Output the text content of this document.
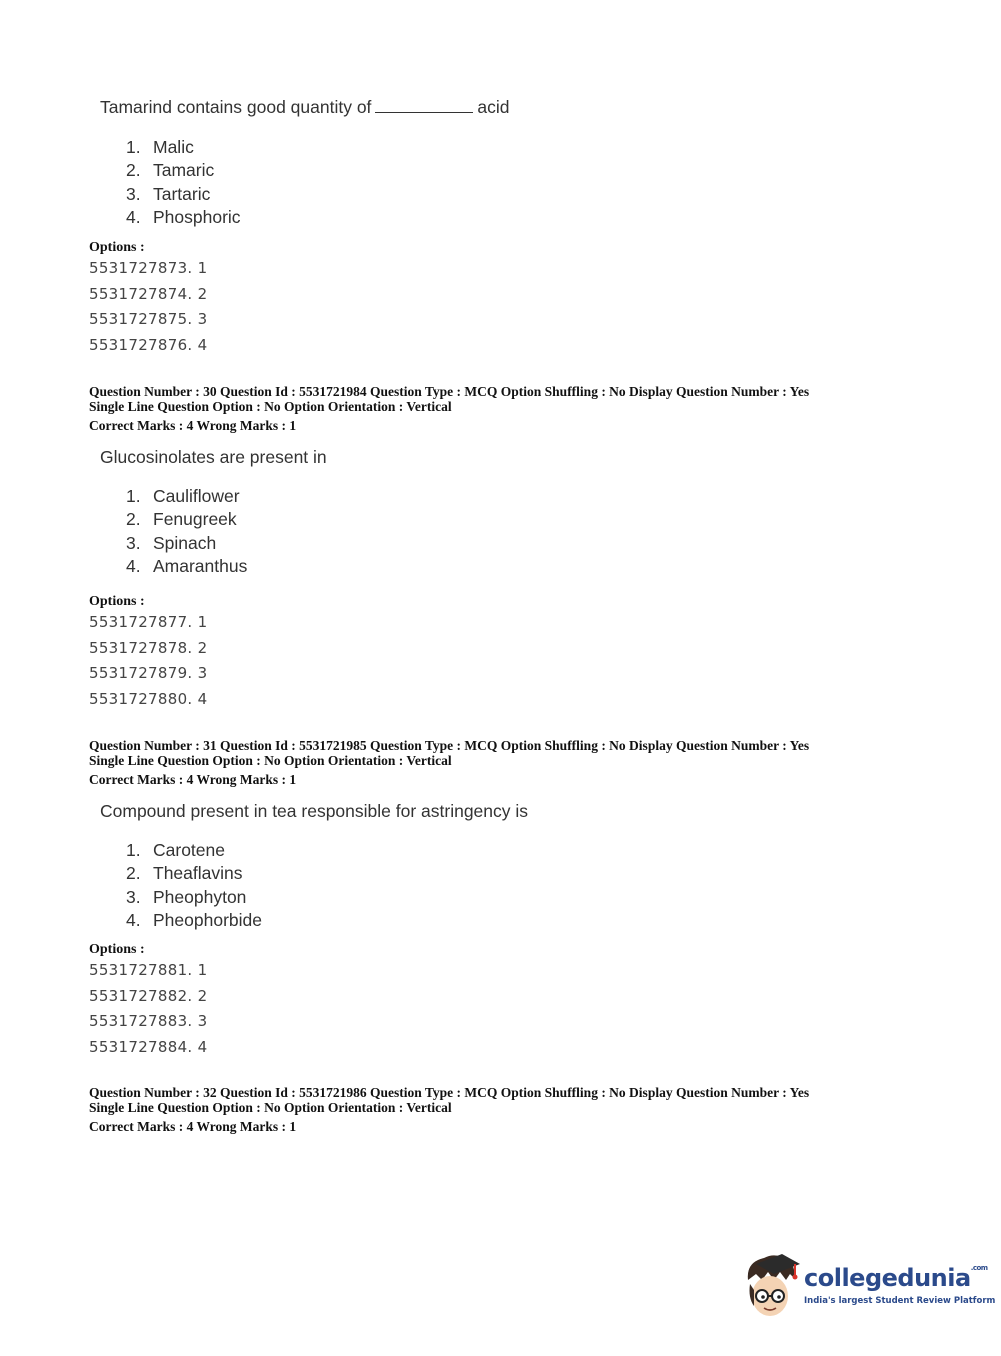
Tamarind contains good quantity of	acid
1. Malic
2. Tamaric
3. Tartaric
4. Phosphoric
Options :
5531727873. 1
5531727874. 2
5531727875. 3
5531727876. 4
Question Number : 30 Question Id : 5531721984 Question Type : MCQ Option Shuffling : No Display Question Number : Yes
Single Line Question Option : No Option Orientation : Vertical
Correct Marks : 4 Wrong Marks : 1
Glucosinolates are present in
1. Cauliflower
2. Fenugreek
3. Spinach
4. Amaranthus
Options :
5531727877. 1
5531727878. 2
5531727879. 3
5531727880. 4
Question Number : 31 Question Id : 5531721985 Question Type : MCQ Option Shuffling : No Display Question Number : Yes
Single Line Question Option : No Option Orientation : Vertical
Correct Marks : 4 Wrong Marks : 1
Compound present in tea responsible for astringency is
1. Carotene
2. Theaflavins
3. Pheophyton
4. Pheophorbide
Options :
5531727881. 1
5531727882. 2
5531727883. 3
5531727884. 4
Question Number : 32 Question Id : 5531721986 Question Type : MCQ Option Shuffling : No Display Question Number : Yes
Single Line Question Option : No Option Orientation : Vertical
Correct Marks : 4 Wrong Marks : 1
collegedunia$^{.com}$
India's largest Student Review Platform
